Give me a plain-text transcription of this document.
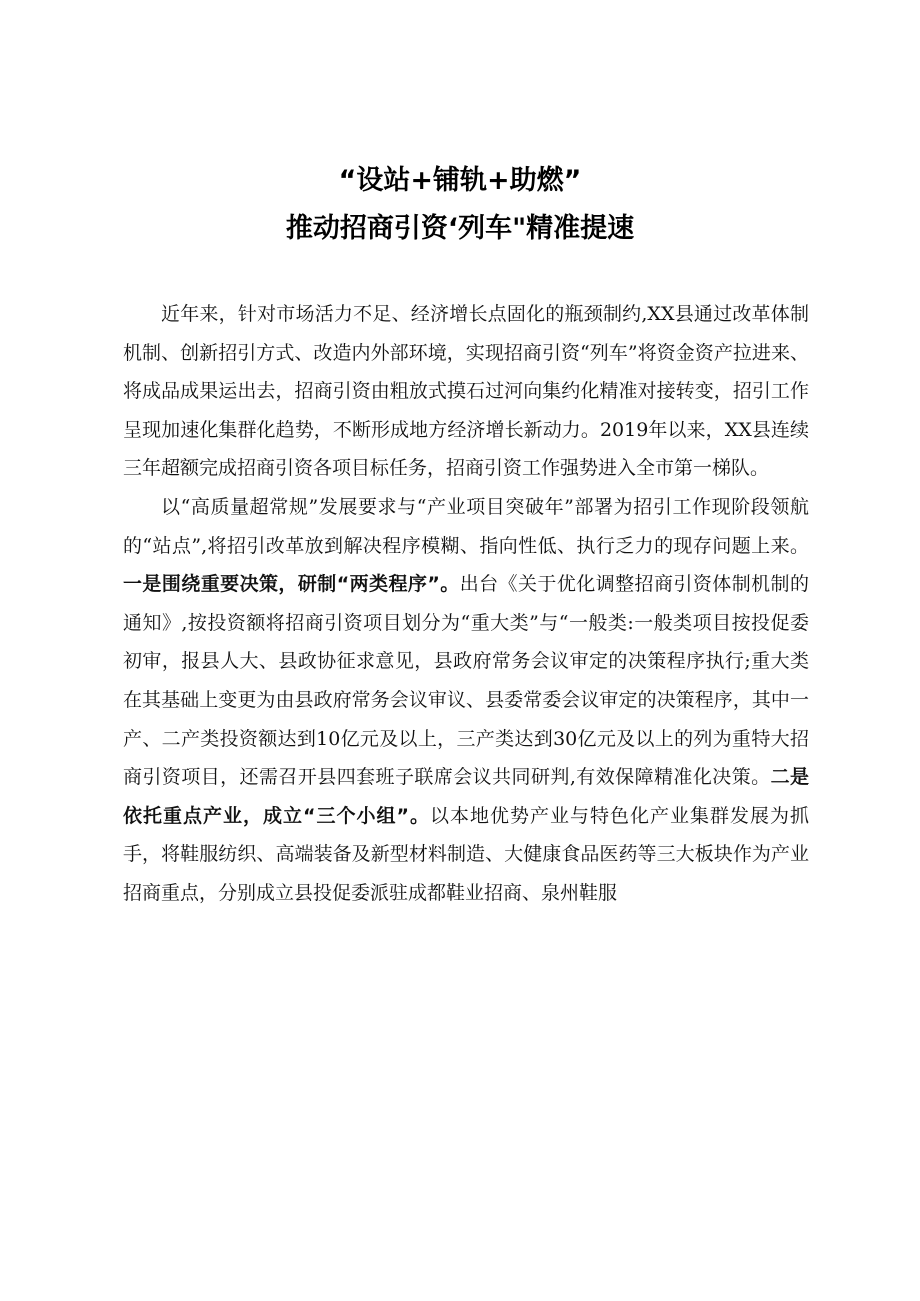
“设站+铺轨+助燃”
推动招商引资‘列车"精准提速

近年来，针对市场活力不足、经济增长点固化的瓶颈制约,XX县通过改革体制机制、创新招引方式、改造内外部环境，实现招商引资“列车”将资金资产拉进来、将成品成果运出去，招商引资由粗放式摸石过河向集约化精准对接转变，招引工作呈现加速化集群化趋势，不断形成地方经济增长新动力。2019年以来，XX县连续三年超额完成招商引资各项目标任务，招商引资工作强势进入全市第一梯队。

以“高质量超常规”发展要求与“产业项目突破年”部署为招引工作现阶段领航的“站点”,将招引改革放到解决程序模糊、指向性低、执行乏力的现存问题上来。一是围绕重要决策，研制“两类程序”。出台《关于优化调整招商引资体制机制的通知》,按投资额将招商引资项目划分为“重大类”与“一般类:一般类项目按投促委初审，报县人大、县政协征求意见，县政府常务会议审定的决策程序执行;重大类在其基础上变更为由县政府常务会议审议、县委常委会议审定的决策程序，其中一产、二产类投资额达到10亿元及以上，三产类达到30亿元及以上的列为重特大招商引资项目，还需召开县四套班子联席会议共同研判,有效保障精准化决策。二是依托重点产业，成立“三个小组”。以本地优势产业与特色化产业集群发展为抓手，将鞋服纺织、高端装备及新型材料制造、大健康食品医药等三大板块作为产业招商重点，分别成立县投促委派驻成都鞋业招商、泉州鞋服
